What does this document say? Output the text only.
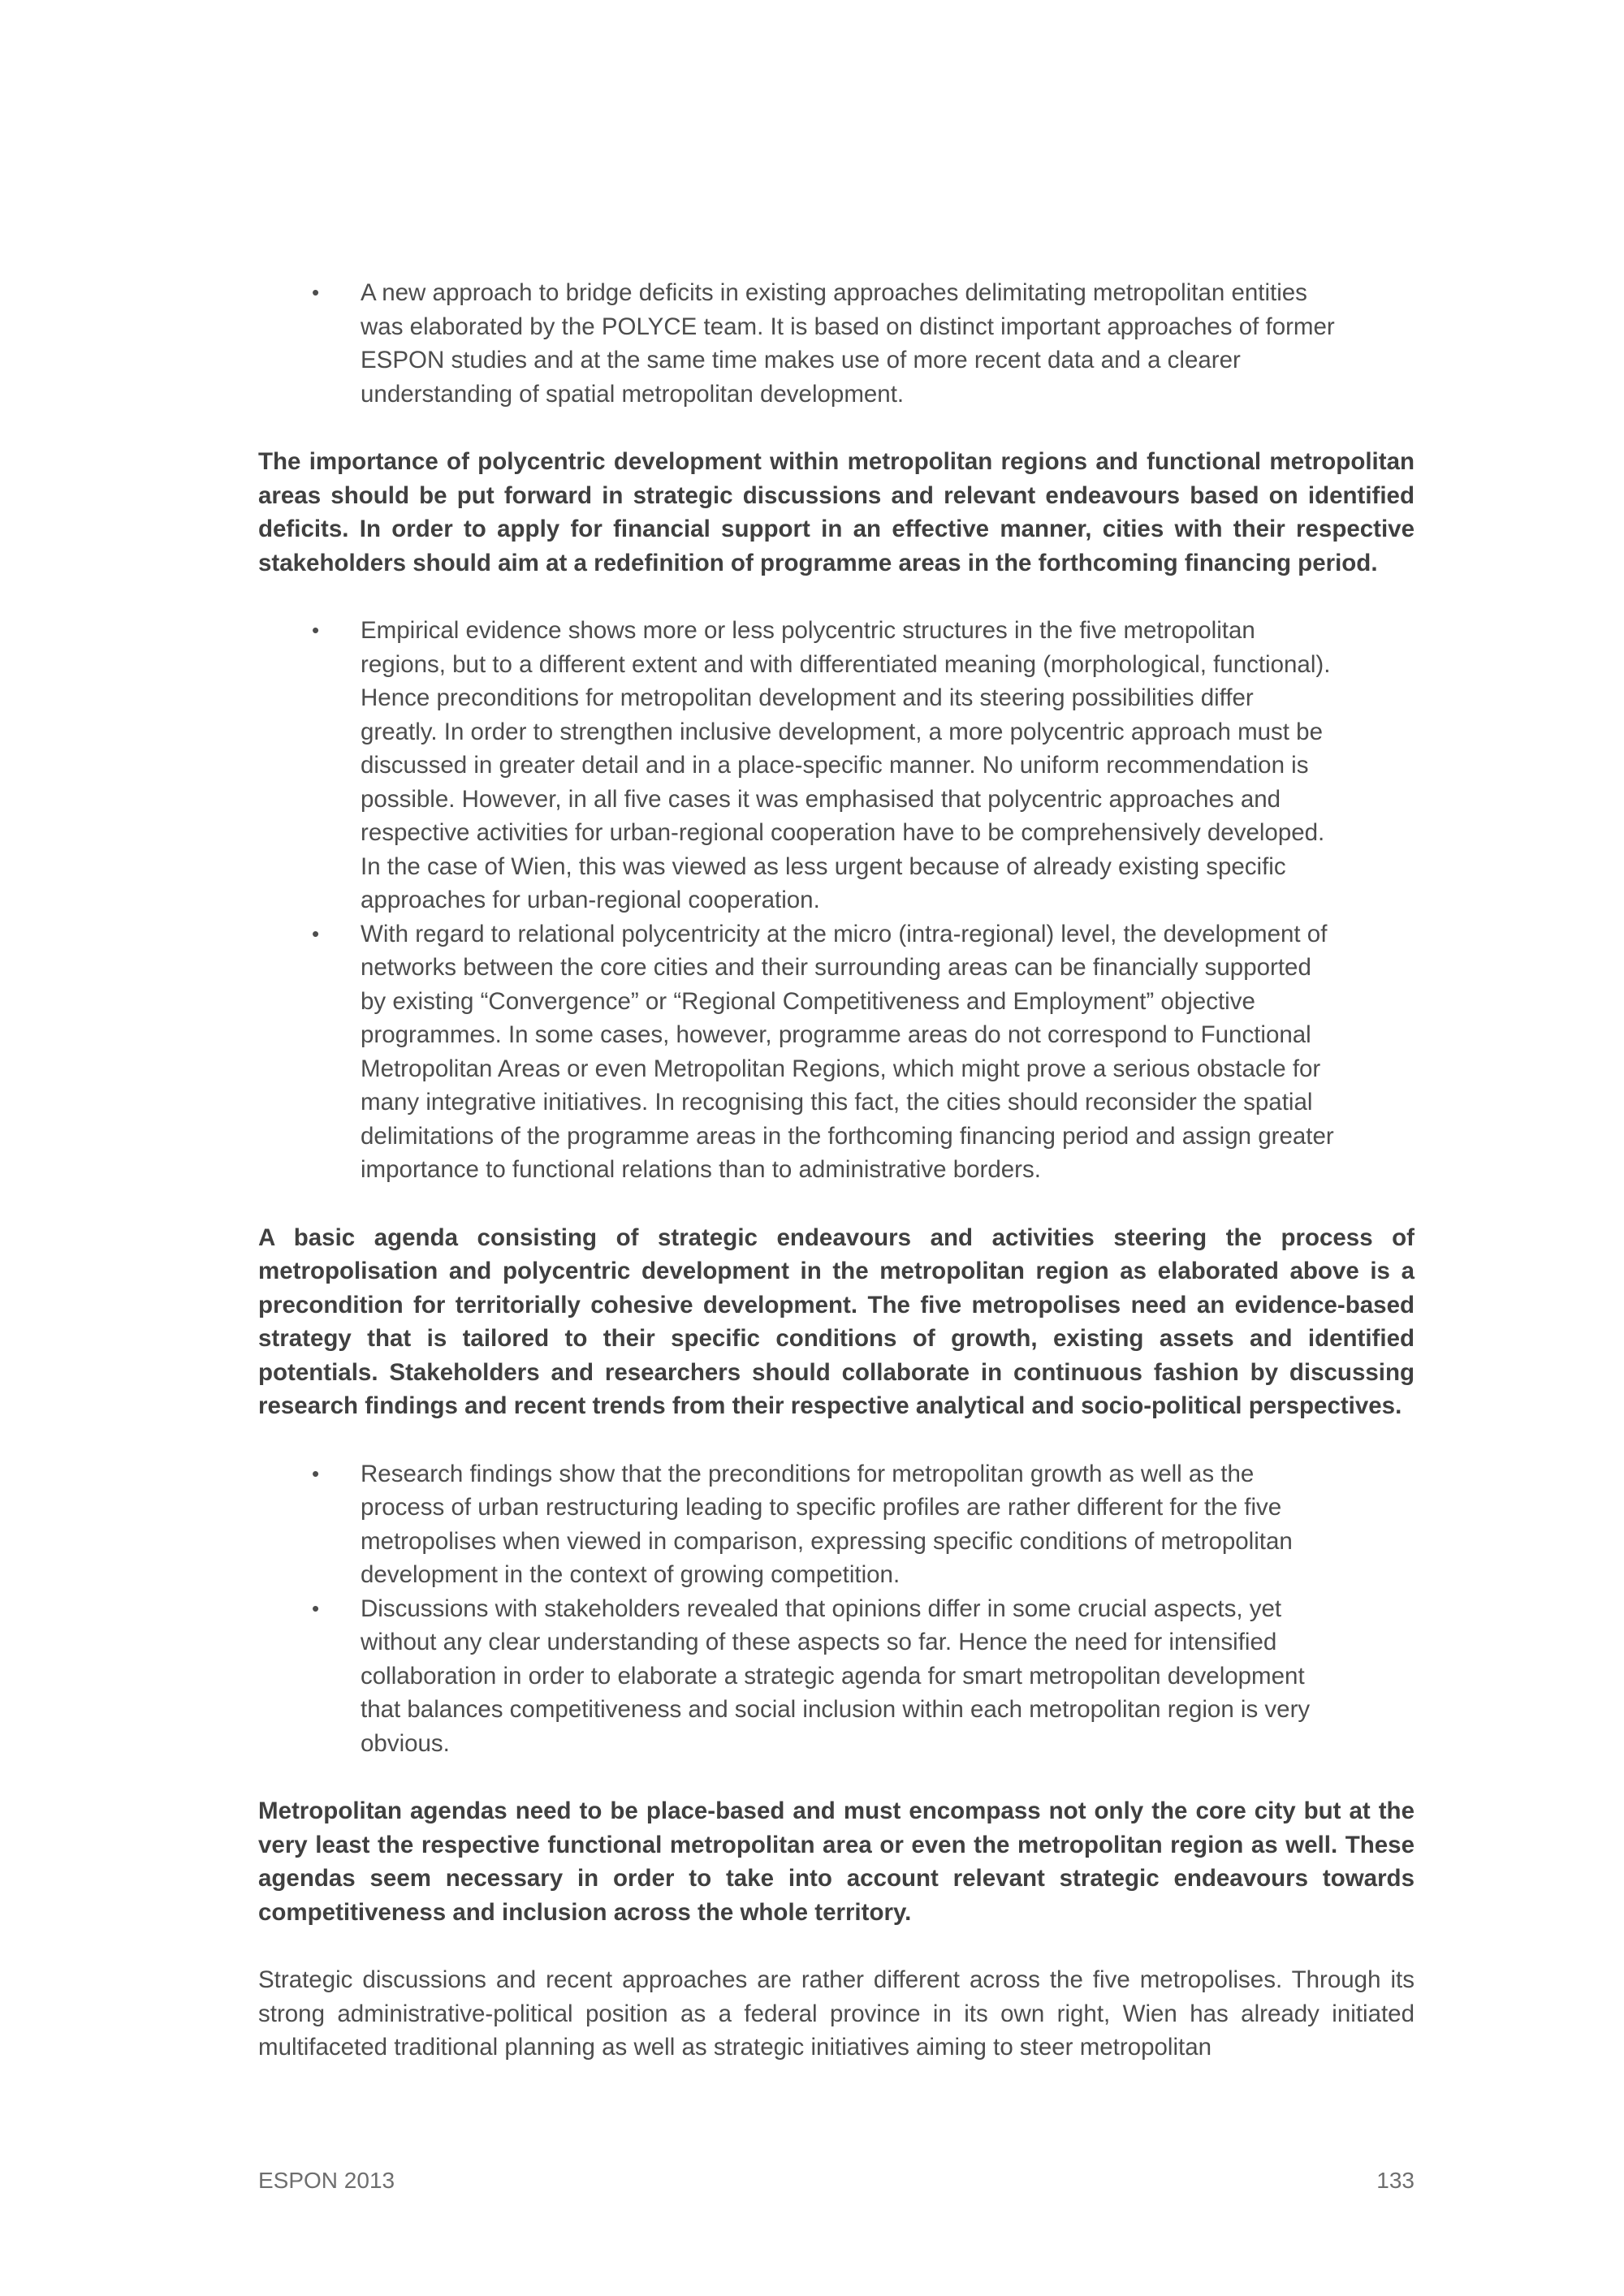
• A new approach to bridge deficits in existing approaches delimitating metropolitan entities was elaborated by the POLYCE team. It is based on distinct important approaches of former ESPON studies and at the same time makes use of more recent data and a clearer understanding of spatial metropolitan development.

The importance of polycentric development within metropolitan regions and functional metropolitan areas should be put forward in strategic discussions and relevant endeavours based on identified deficits. In order to apply for financial support in an effective manner, cities with their respective stakeholders should aim at a redefinition of programme areas in the forthcoming financing period.

• Empirical evidence shows more or less polycentric structures in the five metropolitan regions, but to a different extent and with differentiated meaning (morphological, functional). Hence preconditions for metropolitan development and its steering possibilities differ greatly. In order to strengthen inclusive development, a more polycentric approach must be discussed in greater detail and in a place-specific manner. No uniform recommendation is possible. However, in all five cases it was emphasised that polycentric approaches and respective activities for urban-regional cooperation have to be comprehensively developed. In the case of Wien, this was viewed as less urgent because of already existing specific approaches for urban-regional cooperation.
• With regard to relational polycentricity at the micro (intra-regional) level, the development of networks between the core cities and their surrounding areas can be financially supported by existing “Convergence” or “Regional Competitiveness and Employment” objective programmes. In some cases, however, programme areas do not correspond to Functional Metropolitan Areas or even Metropolitan Regions, which might prove a serious obstacle for many integrative initiatives. In recognising this fact, the cities should reconsider the spatial delimitations of the programme areas in the forthcoming financing period and assign greater importance to functional relations than to administrative borders.

A basic agenda consisting of strategic endeavours and activities steering the process of metropolisation and polycentric development in the metropolitan region as elaborated above is a precondition for territorially cohesive development. The five metropolises need an evidence-based strategy that is tailored to their specific conditions of growth, existing assets and identified potentials. Stakeholders and researchers should collaborate in continuous fashion by discussing research findings and recent trends from their respective analytical and socio-political perspectives.

• Research findings show that the preconditions for metropolitan growth as well as the process of urban restructuring leading to specific profiles are rather different for the five metropolises when viewed in comparison, expressing specific conditions of metropolitan development in the context of growing competition.
• Discussions with stakeholders revealed that opinions differ in some crucial aspects, yet without any clear understanding of these aspects so far. Hence the need for intensified collaboration in order to elaborate a strategic agenda for smart metropolitan development that balances competitiveness and social inclusion within each metropolitan region is very obvious.

Metropolitan agendas need to be place-based and must encompass not only the core city but at the very least the respective functional metropolitan area or even the metropolitan region as well. These agendas seem necessary in order to take into account relevant strategic endeavours towards competitiveness and inclusion across the whole territory.

Strategic discussions and recent approaches are rather different across the five metropolises. Through its strong administrative-political position as a federal province in its own right, Wien has already initiated multifaceted traditional planning as well as strategic initiatives aiming to steer metropolitan

ESPON 2013	133
